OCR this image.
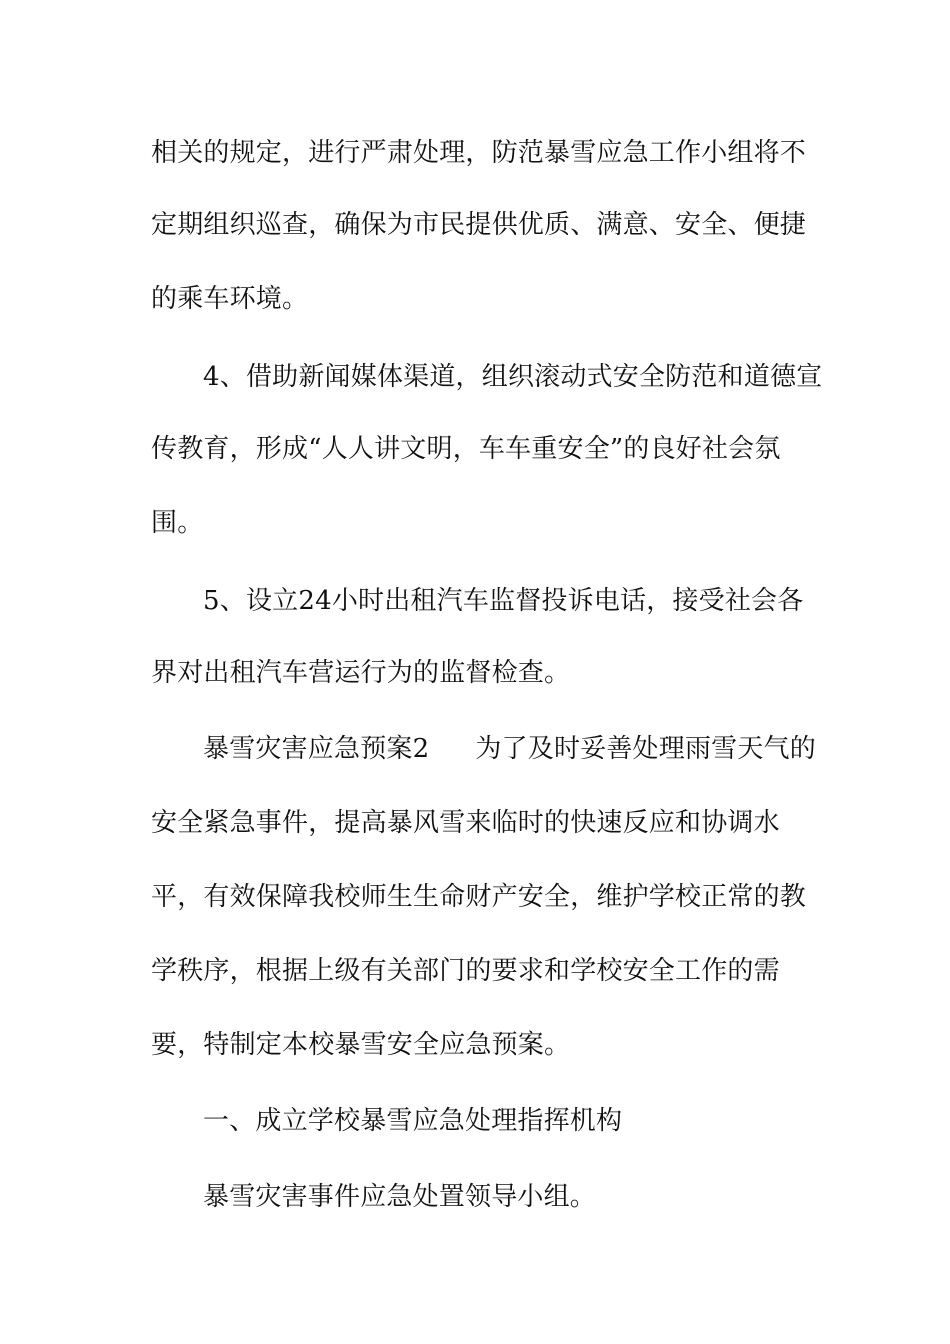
相关的规定，进行严肃处理，防范暴雪应急工作小组将不
定期组织巡查，确保为市民提供优质、满意、安全、便捷
的乘车环境。
4、借助新闻媒体渠道，组织滚动式安全防范和道德宣
传教育，形成“人人讲文明，车车重安全”的良好社会氛
围。
5、设立24小时出租汽车监督投诉电话，接受社会各
界对出租汽车营运行为的监督检查。
暴雪灾害应急预案2 为了及时妥善处理雨雪天气的
安全紧急事件，提高暴风雪来临时的快速反应和协调水
平，有效保障我校师生生命财产安全，维护学校正常的教
学秩序，根据上级有关部门的要求和学校安全工作的需
要，特制定本校暴雪安全应急预案。
一、成立学校暴雪应急处理指挥机构
暴雪灾害事件应急处置领导小组。
